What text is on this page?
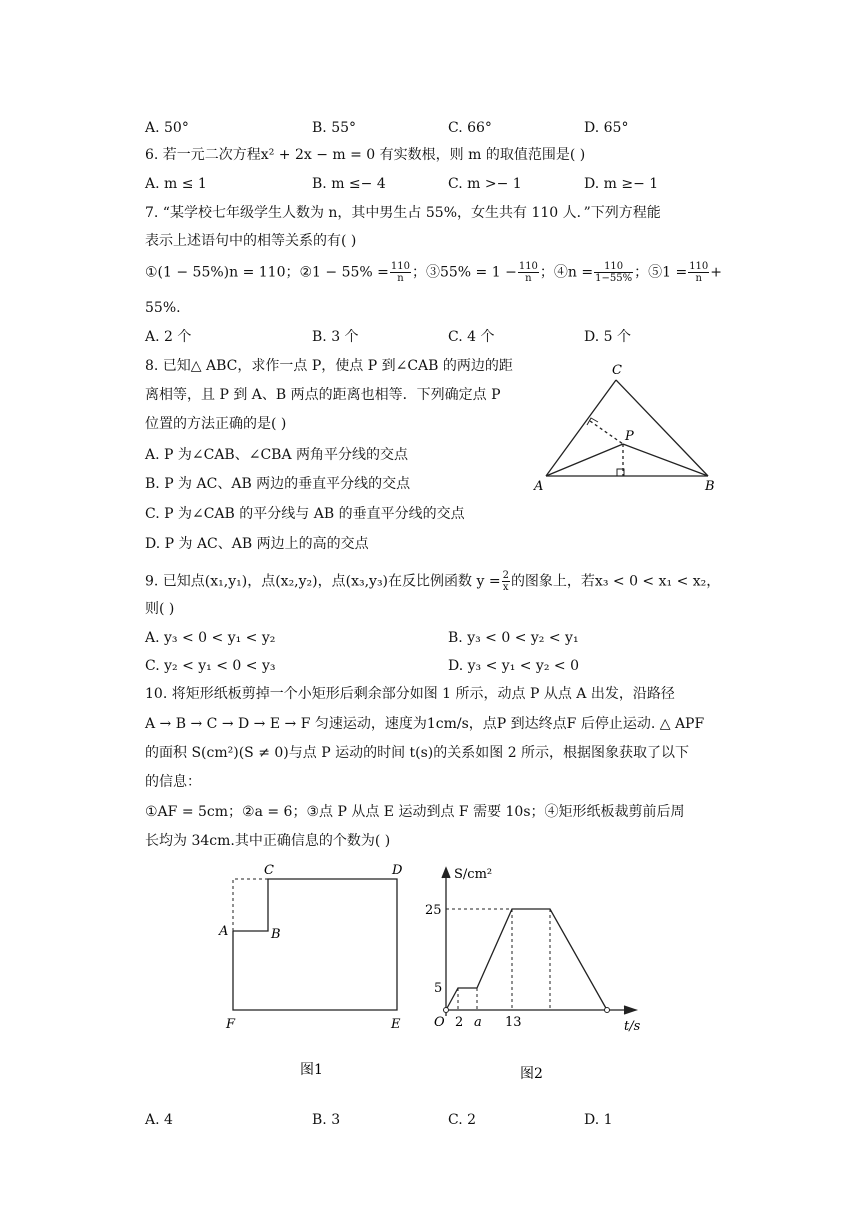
A. 50°	B. 55°	C. 66°	D. 65°
6. 若一元二次方程x² + 2x − m = 0 有实数根，则 m 的取值范围是( )
A. m ≤ 1	B. m ≤− 4	C. m >− 1	D. m ≥− 1
7. “某学校七年级学生人数为 n，其中男生占 55%，女生共有 110 人．”下列方程能
表示上述语句中的相等关系的有( )
①(1 − 55%)n = 110；②1 − $55\% = \frac{110}{n}$ ；③55% = $1 - \frac{110}{n}$ ；④n = $\frac{110}{1-55\%}$ ；⑤1 = $\frac{110}{n}$ +
55%.
A. 2 个	B. 3 个	C. 4 个	D. 5 个
8. 已知△ ABC，求作一点 P，使点 P 到∠CAB 的两边的距
离相等，且 P 到 A、B 两点的距离也相等．下列确定点 P
位置的方法正确的是( )
A. P 为∠CAB、∠CBA 两角平分线的交点
B. P 为 AC、AB 两边的垂直平分线的交点
C. P 为∠CAB 的平分线与 AB 的垂直平分线的交点
D. P 为 AC、AB 两边上的高的交点
C
P
A	B
9. 已知点(x₁,y₁)，点(x₂,y₂)，点(x₃,y₃)在反比例函数 $y = \frac{2}{x}$ 的图象上，若x₃ < 0 < x₁ < x₂，
则( )
A. y₃ < 0 < y₁ < y₂	B. y₃ < 0 < y₂ < y₁
C. y₂ < y₁ < 0 < y₃	D. y₃ < y₁ < y₂ < 0
10. 将矩形纸板剪掉一个小矩形后剩余部分如图 1 所示，动点 P 从点 A 出发，沿路径
A → B → C → D → E → F 匀速运动，速度为1cm/s，点P 到达终点F 后停止运动. △ APF
的面积 S(cm²)(S ≠ 0)与点 P 运动的时间 t(s)的关系如图 2 所示，根据图象获取了以下
的信息：
①AF = 5cm；②a = 6；③点 P 从点 E 运动到点 F 需要 10s；④矩形纸板裁剪前后周
长均为 34cm.其中正确信息的个数为( )
A	B
C	D
E
F
图1
S/cm²
t/s
O
25
5
2 a 13
图2
A. 4	B. 3	C. 2	D. 1
